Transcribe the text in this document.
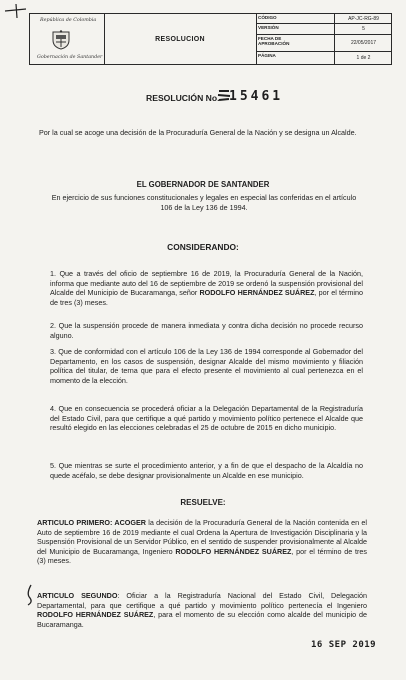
República de Colombia
Gobernación de Santander
RESOLUCION
CÓDIGO	AP-JC-RG-89
VERSIÓN	5
FECHA DE APROBACIÓN	22/05/2017
PÁGINA	1 de 2
RESOLUCIÓN No. 15461
Por la cual se acoge una decisión de la Procuraduría General de la Nación y se designa un Alcalde.
EL GOBERNADOR DE SANTANDER
En ejercicio de sus funciones constitucionales y legales en especial las conferidas en el artículo 106 de la Ley 136 de 1994.
CONSIDERANDO:
1. Que a través del oficio de septiembre 16 de 2019, la Procuraduría General de la Nación, informa que mediante auto del 16 de septiembre de 2019 se ordenó la suspensión provisional del Alcalde del Municipio de Bucaramanga, señor RODOLFO HERNÁNDEZ SUÁREZ, por el término de tres (3) meses.
2. Que la suspensión procede de manera inmediata y contra dicha decisión no procede recurso alguno.
3. Que de conformidad con el artículo 106 de la Ley 136 de 1994 corresponde al Gobernador del Departamento, en los casos de suspensión, designar Alcalde del mismo movimiento y filiación política del titular, de terna que para el efecto presente el movimiento al cual pertenezca en el momento de la elección.
4. Que en consecuencia se procederá oficiar a la Delegación Departamental de la Registraduría del Estado Civil, para que certifique a qué partido y movimiento político pertenece el Alcalde que resultó elegido en las elecciones celebradas el 25 de octubre de 2015 en dicho municipio.
5. Que mientras se surte el procedimiento anterior, y a fin de que el despacho de la Alcaldía no quede acéfalo, se debe designar provisionalmente un Alcalde en ese municipio.
RESUELVE:
ARTICULO PRIMERO: ACOGER la decisión de la Procuraduría General de la Nación contenida en el Auto de septiembre 16 de 2019 mediante el cual Ordena la Apertura de Investigación Disciplinaria y la Suspensión Provisional de un Servidor Público, en el sentido de suspender provisionalmente al Alcalde del Municipio de Bucaramanga, Ingeniero RODOLFO HERNÁNDEZ SUÁREZ, por el término de tres (3) meses.
ARTICULO SEGUNDO: Oficiar a la Registraduría Nacional del Estado Civil, Delegación Departamental, para que certifique a qué partido y movimiento político pertenecía el Ingeniero RODOLFO HERNÁNDEZ SUÁREZ, para el momento de su elección como alcalde del municipio de Bucaramanga.
16 SEP 2019
